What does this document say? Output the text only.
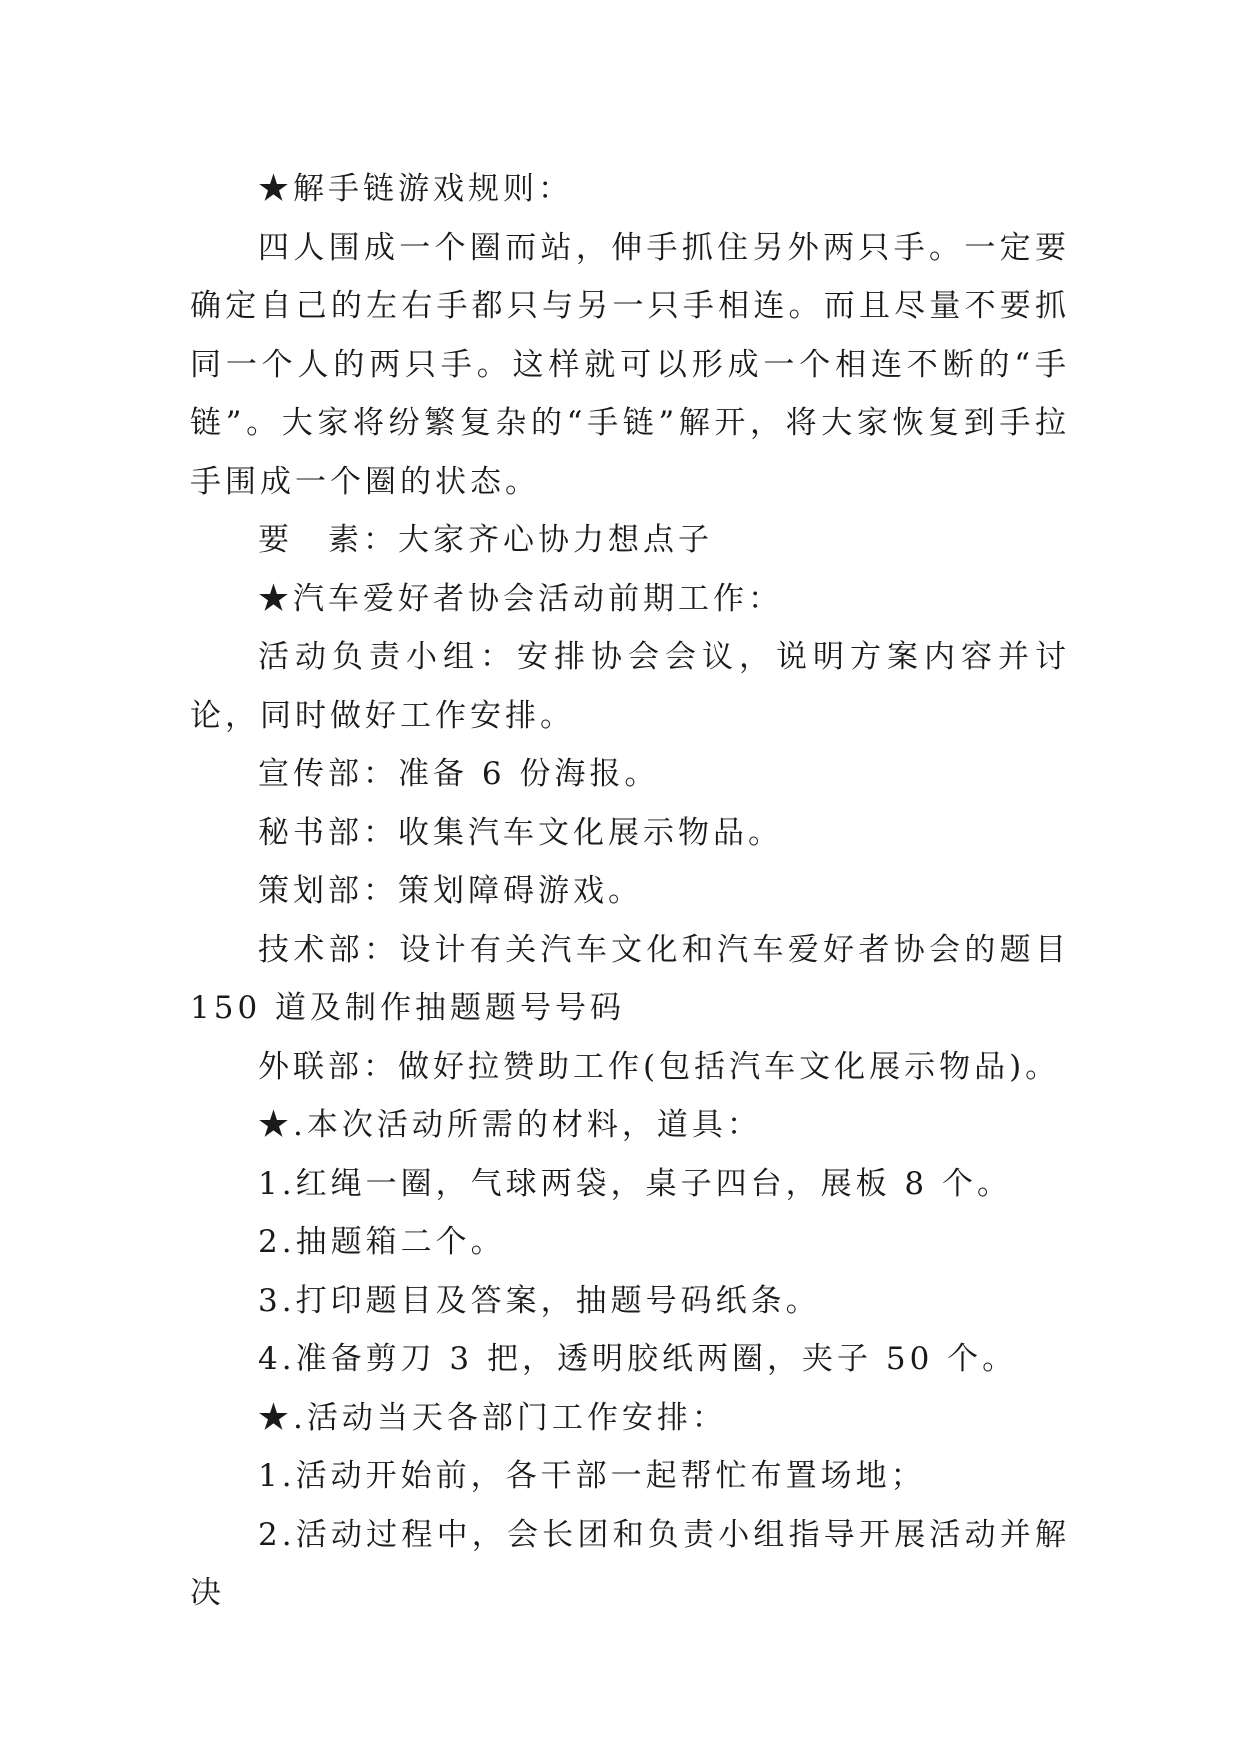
★解手链游戏规则：

四人围成一个圈而站，伸手抓住另外两只手。一定要确定自己的左右手都只与另一只手相连。而且尽量不要抓同一个人的两只手。这样就可以形成一个相连不断的“手链”。大家将纷繁复杂的“手链”解开，将大家恢复到手拉手围成一个圈的状态。

要　素：大家齐心协力想点子

★汽车爱好者协会活动前期工作：

活动负责小组：安排协会会议，说明方案内容并讨论，同时做好工作安排。

宣传部：准备 6 份海报。

秘书部：收集汽车文化展示物品。

策划部：策划障碍游戏。

技术部：设计有关汽车文化和汽车爱好者协会的题目150 道及制作抽题题号号码

外联部：做好拉赞助工作(包括汽车文化展示物品)。

★.本次活动所需的材料，道具：

1.红绳一圈，气球两袋，桌子四台，展板 8 个。

2.抽题箱二个。

3.打印题目及答案，抽题号码纸条。

4.准备剪刀 3 把，透明胶纸两圈，夹子 50 个。

★.活动当天各部门工作安排：

1.活动开始前，各干部一起帮忙布置场地；

2.活动过程中，会长团和负责小组指导开展活动并解决
